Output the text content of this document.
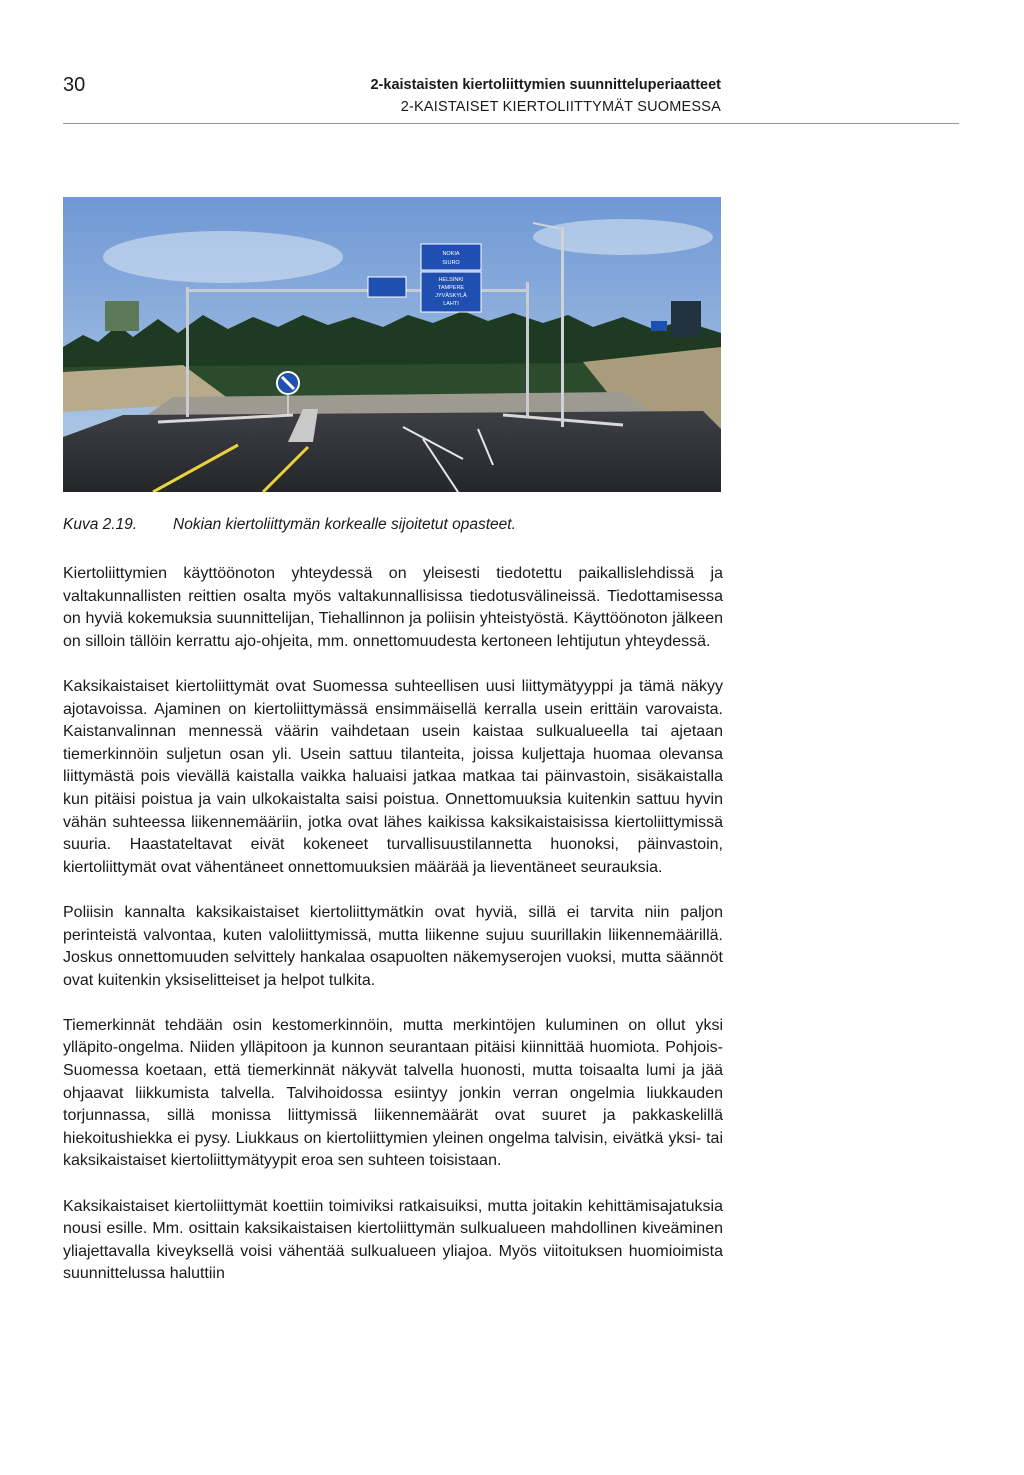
30	2-kaistaisten kiertoliittymien suunnitteluperiaatteet
2-KAISTAISET KIERTOLIITTYMÄT SUOMESSA
NOKIA
SIURO
HELSINKI
TAMPERE
JYVÄSKYLÄ
LAHTI
Kuva 2.19. Nokian kiertoliittymän korkealle sijoitetut opasteet.

Kiertoliittymien käyttöönoton yhteydessä on yleisesti tiedotettu paikallislehdissä ja valtakunnallisten reittien osalta myös valtakunnallisissa tiedotusvälineissä. Tiedottamisessa on hyviä kokemuksia suunnittelijan, Tiehallinnon ja poliisin yhteistyöstä. Käyttöönoton jälkeen on silloin tällöin kerrattu ajo-ohjeita, mm. onnettomuudesta kertoneen lehtijutun yhteydessä.

Kaksikaistaiset kiertoliittymät ovat Suomessa suhteellisen uusi liittymätyyppi ja tämä näkyy ajotavoissa. Ajaminen on kiertoliittymässä ensimmäisellä kerralla usein erittäin varovaista. Kaistanvalinnan mennessä väärin vaihdetaan usein kaistaa sulkualueella tai ajetaan tiemerkinnöin suljetun osan yli. Usein sattuu tilanteita, joissa kuljettaja huomaa olevansa liittymästä pois vievällä kaistalla vaikka haluaisi jatkaa matkaa tai päinvastoin, sisäkaistalla kun pitäisi poistua ja vain ulkokaistalta saisi poistua. Onnettomuuksia kuitenkin sattuu hyvin vähän suhteessa liikennemääriin, jotka ovat lähes kaikissa kaksikaistaisissa kiertoliittymissä suuria. Haastateltavat eivät kokeneet turvallisuustilannetta huonoksi, päinvastoin, kiertoliittymät ovat vähentäneet onnettomuuksien määrää ja lieventäneet seurauksia.

Poliisin kannalta kaksikaistaiset kiertoliittymätkin ovat hyviä, sillä ei tarvita niin paljon perinteistä valvontaa, kuten valoliittymissä, mutta liikenne sujuu suurillakin liikennemäärillä. Joskus onnettomuuden selvittely hankalaa osapuolten näkemyserojen vuoksi, mutta säännöt ovat kuitenkin yksiselitteiset ja helpot tulkita.

Tiemerkinnät tehdään osin kestomerkinnöin, mutta merkintöjen kuluminen on ollut yksi ylläpito-ongelma. Niiden ylläpitoon ja kunnon seurantaan pitäisi kiinnittää huomiota. Pohjois-Suomessa koetaan, että tiemerkinnät näkyvät talvella huonosti, mutta toisaalta lumi ja jää ohjaavat liikkumista talvella. Talvihoidossa esiintyy jonkin verran ongelmia liukkauden torjunnassa, sillä monissa liittymissä liikennemäärät ovat suuret ja pakkaskelillä hiekoitushiekka ei pysy. Liukkaus on kiertoliittymien yleinen ongelma talvisin, eivätkä yksi- tai kaksikaistaiset kiertoliittymätyypit eroa sen suhteen toisistaan.

Kaksikaistaiset kiertoliittymät koettiin toimiviksi ratkaisuiksi, mutta joitakin kehittämisajatuksia nousi esille. Mm. osittain kaksikaistaisen kiertoliittymän sulkualueen mahdollinen kiveäminen yliajettavalla kiveyksellä voisi vähentää sulkualueen yliajoa. Myös viitoituksen huomioimista suunnittelussa haluttiin
